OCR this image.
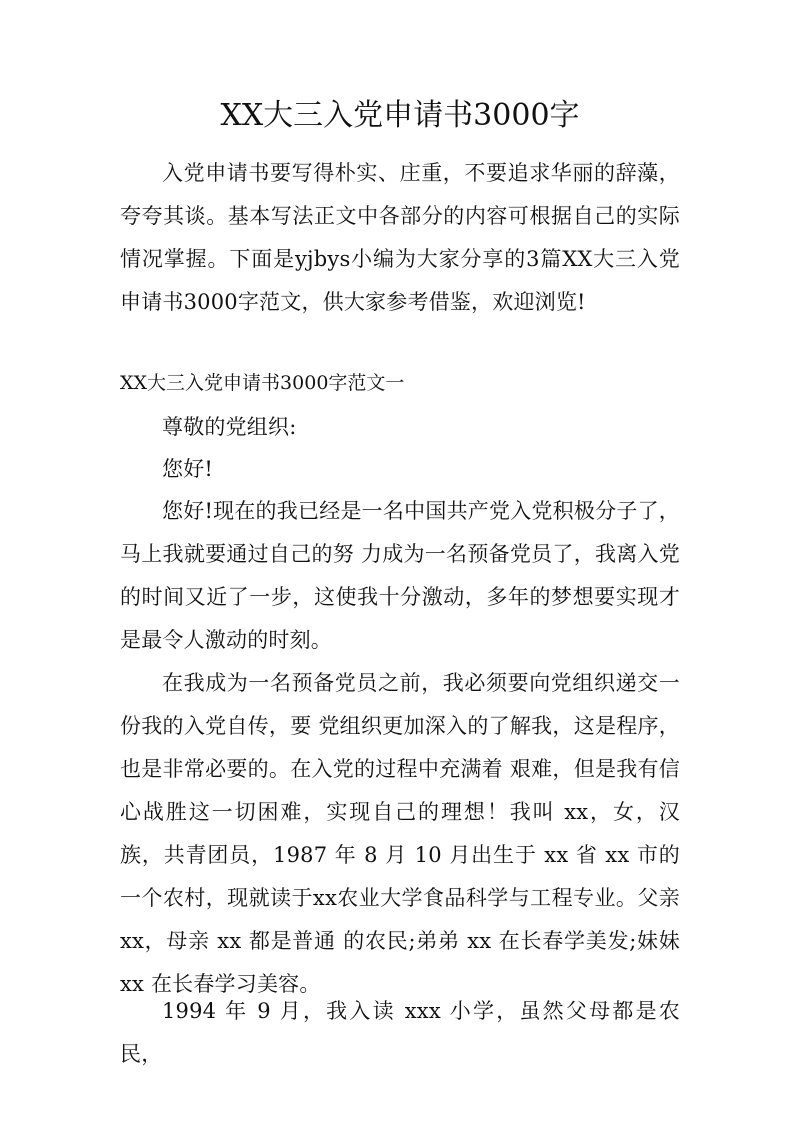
XX大三入党申请书3000字

入党申请书要写得朴实、庄重，不要追求华丽的辞藻，夸夸其谈。基本写法正文中各部分的内容可根据自己的实际情况掌握。下面是yjbys小编为大家分享的3篇XX大三入党申请书3000字范文，供大家参考借鉴，欢迎浏览!

XX大三入党申请书3000字范文一

尊敬的党组织:

您好!

您好!现在的我已经是一名中国共产党入党积极分子了，马上我就要通过自己的努 力成为一名预备党员了，我离入党的时间又近了一步，这使我十分激动，多年的梦想要实现才是最令人激动的时刻。

在我成为一名预备党员之前，我必须要向党组织递交一份我的入党自传，要 党组织更加深入的了解我，这是程序，也是非常必要的。在入党的过程中充满着 艰难，但是我有信心战胜这一切困难，实现自己的理想！我叫 xx，女，汉族，共青团员，1987 年 8 月 10 月出生于 xx 省 xx 市的一个农村，现就读于xx农业大学食品科学与工程专业。父亲xx，母亲 xx 都是普通 的农民;弟弟 xx 在长春学美发;妹妹 xx 在长春学习美容。

1994 年 9 月，我入读 xxx 小学，虽然父母都是农民，
